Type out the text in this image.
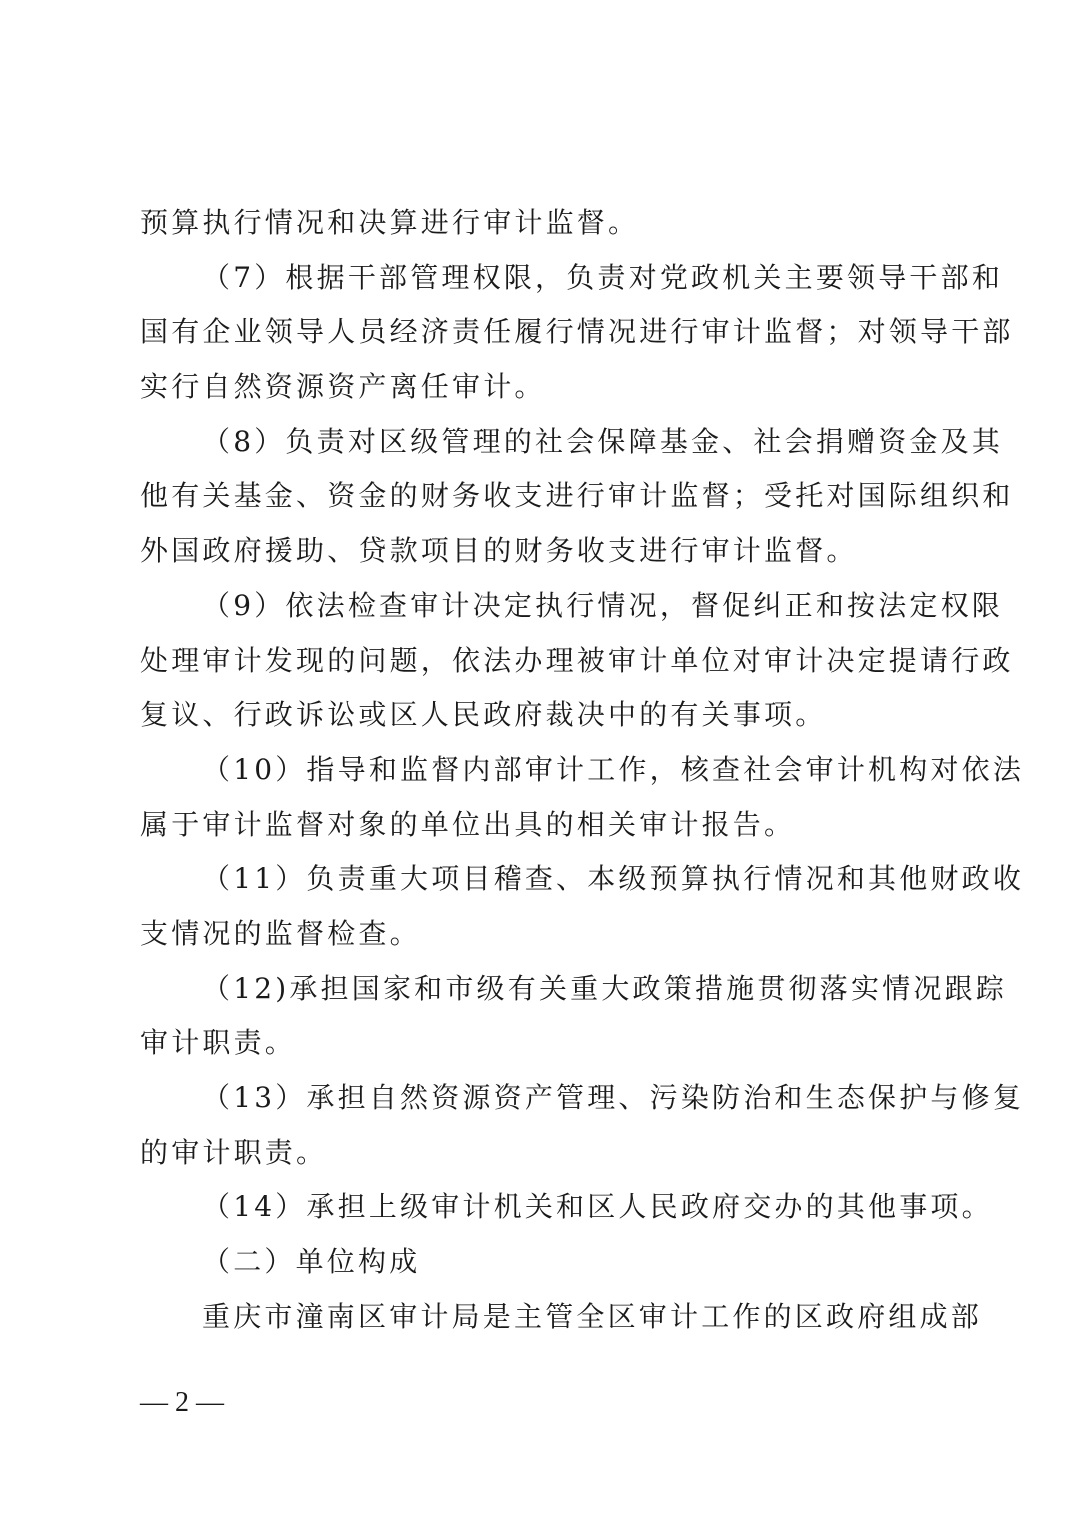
预算执行情况和决算进行审计监督。
（7）根据干部管理权限，负责对党政机关主要领导干部和
国有企业领导人员经济责任履行情况进行审计监督；对领导干部
实行自然资源资产离任审计。
（8）负责对区级管理的社会保障基金、社会捐赠资金及其
他有关基金、资金的财务收支进行审计监督；受托对国际组织和
外国政府援助、贷款项目的财务收支进行审计监督。
（9）依法检查审计决定执行情况，督促纠正和按法定权限
处理审计发现的问题，依法办理被审计单位对审计决定提请行政
复议、行政诉讼或区人民政府裁决中的有关事项。
（10）指导和监督内部审计工作，核查社会审计机构对依法
属于审计监督对象的单位出具的相关审计报告。
（11）负责重大项目稽查、本级预算执行情况和其他财政收
支情况的监督检查。
（12)承担国家和市级有关重大政策措施贯彻落实情况跟踪
审计职责。
（13）承担自然资源资产管理、污染防治和生态保护与修复
的审计职责。
（14）承担上级审计机关和区人民政府交办的其他事项。
（二）单位构成
重庆市潼南区审计局是主管全区审计工作的区政府组成部
— 2 —
